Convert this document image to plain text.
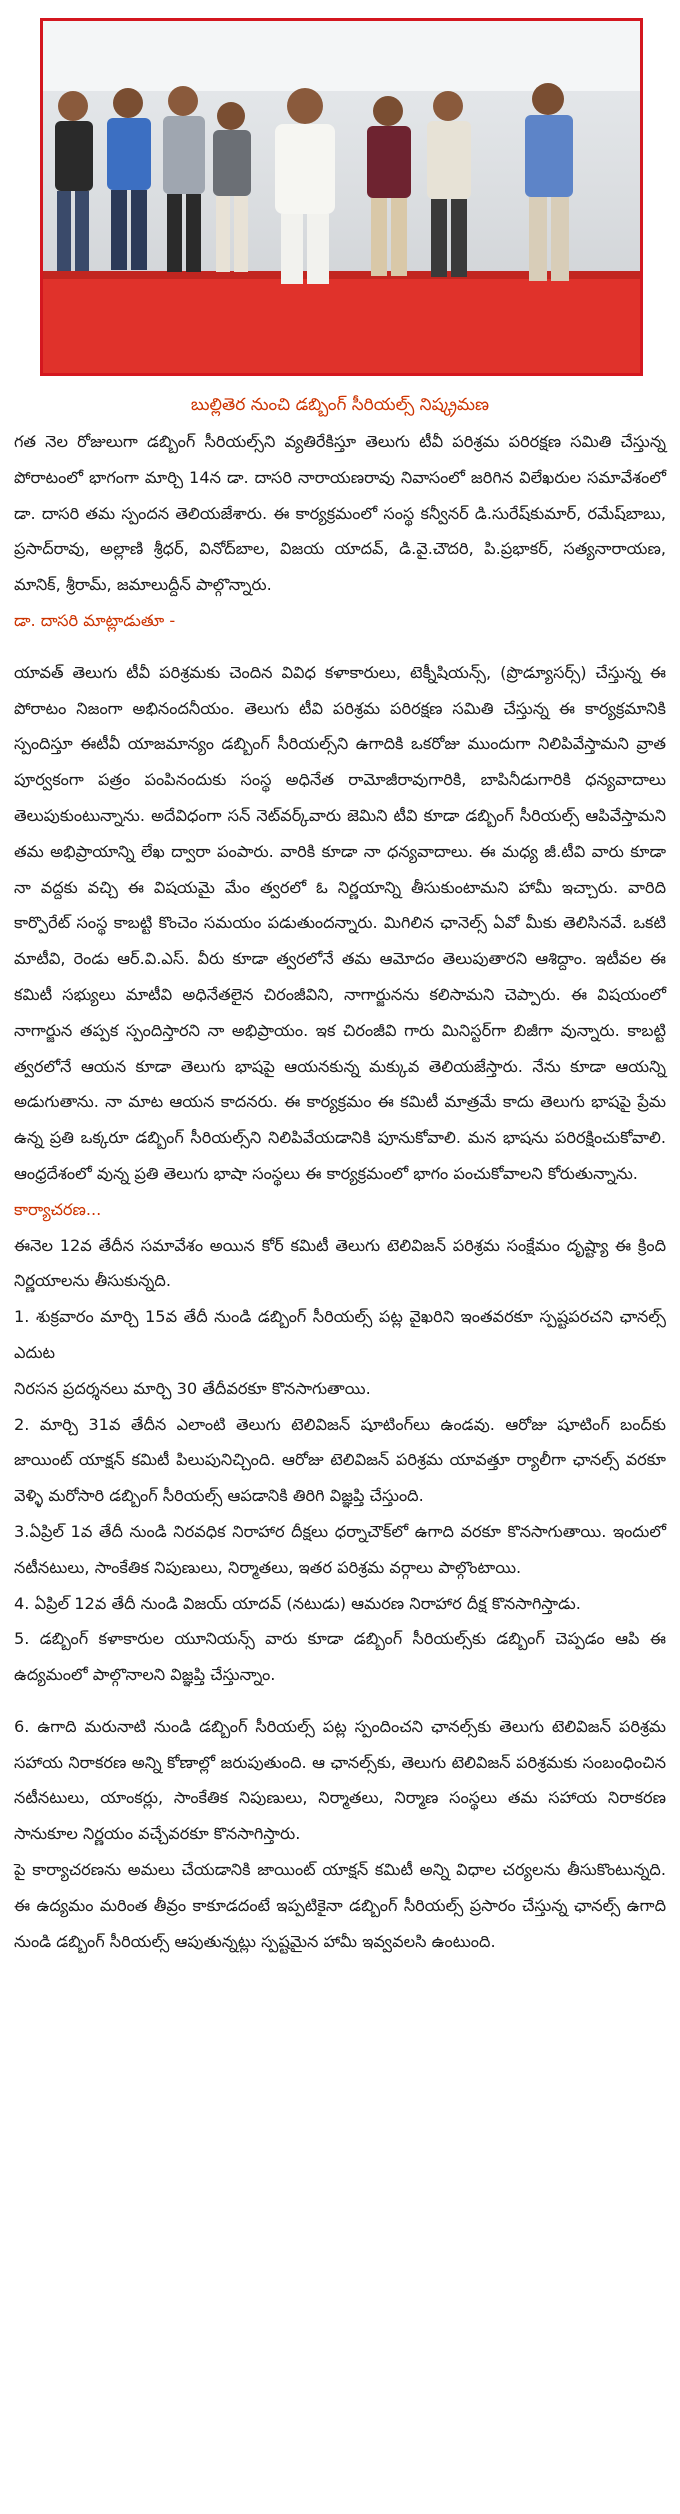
బుల్లితెర నుంచి డబ్బింగ్ సీరియల్స్ నిష్క్రమణ

గత నెల రోజులుగా డబ్బింగ్ సీరియల్స్‌ని వ్యతిరేకిస్తూ తెలుగు టీవీ పరిశ్రమ పరిరక్షణ సమితి చేస్తున్న పోరాటంలో భాగంగా మార్చి 14న డా. దాసరి నారాయణరావు నివాసంలో జరిగిన విలేఖరుల సమావేశంలో డా. దాసరి తమ స్పందన తెలియజేశారు. ఈ కార్యక్రమంలో సంస్థ కన్వీనర్ డి.సురేష్‌కుమార్, రమేష్‌బాబు, ప్రసాద్‌రావు, అల్లాణి శ్రీధర్, వినోద్‌బాల, విజయ యాదవ్, డి.వై.చౌదరి, పి.ప్రభాకర్, సత్యనారాయణ, మానిక్, శ్రీరామ్, జమాలుద్దీన్ పాల్గొన్నారు.

డా. దాసరి మాట్లాడుతూ -

యావత్ తెలుగు టీవీ పరిశ్రమకు చెందిన వివిధ కళాకారులు, టెక్నీషియన్స్, (ప్రొడ్యూసర్స్) చేస్తున్న ఈ పోరాటం నిజంగా అభినందనీయం. తెలుగు టీవి పరిశ్రమ పరిరక్షణ సమితి చేస్తున్న ఈ కార్యక్రమానికి స్పందిస్తూ ఈటీవీ యాజమాన్యం డబ్బింగ్ సీరియల్స్‌ని ఉగాదికి ఒకరోజు ముందుగా నిలిపివేస్తామని వ్రాత పూర్వకంగా పత్రం పంపినందుకు సంస్థ అధినేత రామోజీరావుగారికి, బాపినీడుగారికి ధన్యవాదాలు తెలుపుకుంటున్నాను. అదేవిధంగా సన్ నెట్‌వర్క్‌వారు జెమిని టీవి కూడా డబ్బింగ్ సీరియల్స్ ఆపివేస్తామని తమ అభిప్రాయాన్ని లేఖ ద్వారా పంపారు. వారికి కూడా నా ధన్యవాదాలు. ఈ మధ్య జీ.టీవి వారు కూడా నా వద్దకు వచ్చి ఈ విషయమై మేం త్వరలో ఓ నిర్ణయాన్ని తీసుకుంటామని హామీ ఇచ్చారు. వారిది కార్పొరేట్ సంస్థ కాబట్టి కొంచెం సమయం పడుతుందన్నారు. మిగిలిన ఛానెల్స్ ఏవో మీకు తెలిసినవే. ఒకటి మాటీవి, రెండు ఆర్.వి.ఎస్. వీరు కూడా త్వరలోనే తమ ఆమోదం తెలుపుతారని ఆశిద్దాం. ఇటీవల ఈ కమిటీ సభ్యులు మాటీవి అధినేతలైన చిరంజీవిని, నాగార్జునను కలిసామని చెప్పారు. ఈ విషయంలో నాగార్జున తప్పక స్పందిస్తారని నా అభిప్రాయం. ఇక చిరంజీవి గారు మినిస్టర్‌గా బిజీగా వున్నారు. కాబట్టి త్వరలోనే ఆయన కూడా తెలుగు భాషపై ఆయనకున్న మక్కువ తెలియజేస్తారు. నేను కూడా ఆయన్ని అడుగుతాను. నా మాట ఆయన కాదనరు. ఈ కార్యక్రమం ఈ కమిటీ మాత్రమే కాదు తెలుగు భాషపై ప్రేమ ఉన్న ప్రతి ఒక్కరూ డబ్బింగ్ సీరియల్స్‌ని నిలిపివేయడానికి పూనుకోవాలి. మన భాషను పరిరక్షించుకోవాలి. ఆంధ్రదేశంలో వున్న ప్రతి తెలుగు భాషా సంస్థలు ఈ కార్యక్రమంలో భాగం పంచుకోవాలని కోరుతున్నాను.

కార్యాచరణ...

ఈనెల 12వ తేదీన సమావేశం అయిన కోర్ కమిటీ తెలుగు టెలివిజన్ పరిశ్రమ సంక్షేమం దృష్ట్యా ఈ క్రింది నిర్ణయాలను తీసుకున్నది.

1. శుక్రవారం మార్చి 15వ తేదీ నుండి డబ్బింగ్ సీరియల్స్ పట్ల వైఖరిని ఇంతవరకూ స్పష్టపరచని ఛానల్స్ ఎదుట

నిరసన ప్రదర్శనలు మార్చి 30 తేదీవరకూ కొనసాగుతాయి.

2. మార్చి 31వ తేదీన ఎలాంటి తెలుగు టెలివిజన్ షూటింగ్‌లు ఉండవు. ఆరోజు షూటింగ్ బంద్‌కు జాయింట్ యాక్షన్ కమిటీ పిలుపునిచ్చింది. ఆరోజు టెలివిజన్ పరిశ్రమ యావత్తూ ర్యాలీగా ఛానల్స్ వరకూ వెళ్ళి మరోసారి డబ్బింగ్ సీరియల్స్ ఆపడానికి తిరిగి విజ్ఞప్తి చేస్తుంది.

3.ఏప్రిల్ 1వ తేదీ నుండి నిరవధిక నిరాహార దీక్షలు ధర్నాచౌక్‌లో ఉగాది వరకూ కొనసాగుతాయి. ఇందులో నటీనటులు, సాంకేతిక నిపుణులు, నిర్మాతలు, ఇతర పరిశ్రమ వర్గాలు పాల్గొంటాయి.

4. ఏప్రిల్ 12వ తేదీ నుండి విజయ్ యాదవ్ (నటుడు) ఆమరణ నిరాహార దీక్ష కొనసాగిస్తాడు.

5. డబ్బింగ్ కళాకారుల యూనియన్స్ వారు కూడా డబ్బింగ్ సీరియల్స్‌కు డబ్బింగ్ చెప్పడం ఆపి ఈ ఉద్యమంలో పాల్గొనాలని విజ్ఞప్తి చేస్తున్నాం.

6. ఉగాది మరునాటి నుండి డబ్బింగ్ సీరియల్స్ పట్ల స్పందించని ఛానల్స్‌కు తెలుగు టెలివిజన్ పరిశ్రమ సహాయ నిరాకరణ అన్ని కోణాల్లో జరుపుతుంది. ఆ ఛానల్స్‌కు, తెలుగు టెలివిజన్ పరిశ్రమకు సంబంధించిన నటీనటులు, యాంకర్లు, సాంకేతిక నిపుణులు, నిర్మాతలు, నిర్మాణ సంస్థలు తమ సహాయ నిరాకరణ సానుకూల నిర్ణయం వచ్చేవరకూ కొనసాగిస్తారు.

పై కార్యాచరణను అమలు చేయడానికి జాయింట్ యాక్షన్ కమిటీ అన్ని విధాల చర్యలను తీసుకొంటున్నది. ఈ ఉద్యమం మరింత తీవ్రం కాకూడదంటే ఇప్పటికైనా డబ్బింగ్ సీరియల్స్ ప్రసారం చేస్తున్న ఛానల్స్ ఉగాది నుండి డబ్బింగ్ సీరియల్స్ ఆపుతున్నట్లు స్పష్టమైన హామీ ఇవ్వవలసి ఉంటుంది.
